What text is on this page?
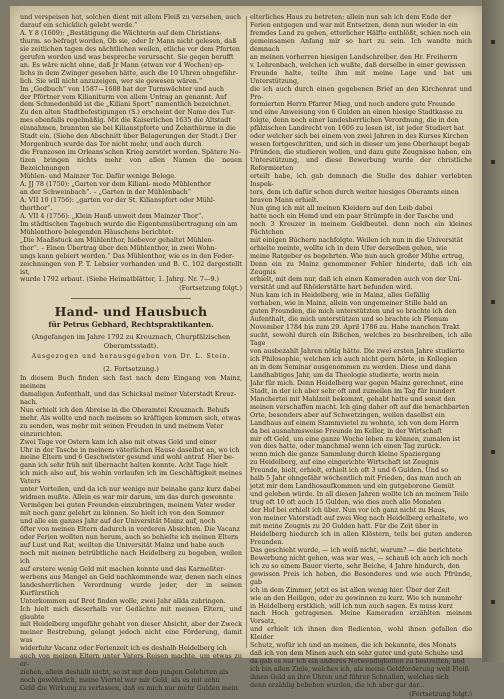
und verspeisen hat, solchen dient mit allem Fleiß zu versehen, auch

darauf ein schicklich gelebt werde.“

A. Y 8 (1609): „Bestätigung die Wächterin auf dem Christians-

thurm. so befragt worden, Ob sie, oder Ir Mann nicht gelesen, daß

sie zeitlichen tagen des nächtlichen weilen, etliche vor dem Pforten

gerufen worden und was bespreche verursacht. Sie gegen berufft

an. Es wäre nicht ohne, daß Jr Mann (etwan vor 4 Wochen) ep-

lichs in dem Zwinger gesehen hätte, auch die 10 Uhren ohngefähr-

lich. Sie will nicht anzuzeigen, wer sie gewesen wären.“

Im „Gedbuch“ von 1587—1688 hat der Turmwächter und auch

der Pförtner vom Kilianiturm von allem Untrag an genannt. Auf

dem Schmedenbild ist die „Kiliani Sport“ namentlich bezeichnet.

Zu den alten Stadtbefestigungen (S.) erscheint der Name des Tur-

mes ebenfalls regelmäßig. Mit die Kaiserlichen 1635 die Altstadt

einnahmen, brannten sie bei Kilianstpforte und Zehnthürme in die

Stadt ein. (Siehe den Abschnitt über Belagerungen der Stadt.) Der

Morgenbuch wurde das Tor nicht mehr, und auch durch

die Franzosen im Orleans'schen Krieg zerstört worden. Spätere No-

tizen bringen nichts mehr von allen Namen die neuen Bezeichnungen

Mühlen- und Mainzer Tor. Dafür wenige Belege.

A. JJ 78 (1750): „Garten vor dem Kiliani- modo Mühlenthor

an der Schweinbach“. – „Garten in der Mühlenbach“

A. VII 10 (1756): „garten vor der St. Kilianspfort oder Mühl-

thorthor“.

A. VII 4 (1756): „Klein Hauß unweit dem Mainzer Thor“.

Im städtischen Tagebuch wurde die Eigentumsübertragung ein am

Mühlenthore belegenden Häuschens berichtet:

„Die Maaßstuck am Mühlenthor, hiebevor gehaltet Mühlen-

thor“. – Einen Übertrag über den Mühlenthor, in zwei Wohn-

ungs kann gebiert worden.“ Das Mühlenthor, wie es in den Feder-

zeichnungen von P. T. Lebsier vorhanden und B. C. 102 dargestellt ist,

wurde 1792 erbaut. (Siehe Heimatblätter, 1. Jahrg. Nr. 7—9.)

(Fortsetzung folgt.)
Hand- und Hausbuch
für Petrus Gebhard, Rechtspraktikanten.
(Angefangen im Jahre 1792 zu Kreuznach, Churpfälzischen Oberamtsstadt).
Ausgezogen und herausgegeben von Dr. L. Stein.
(2. Fortsetzung.)

In diesem Buch finden sich fast nach dem Eingang von Mainz, meinem

damaligen Aufenthalt, und das Schicksal meiner Vaterstadt Kreuz-

nach.

Nun erhielt ich den Abreise in die Oberamtei Kreuznach. Behufs

mehr. Als wollte und nach meinem so kräftigen kommen sich, etwas

zu senden, was mehr mit seinen Freuden in und meinem Vater

einzurichten.

Zwei Tage vor Ostern kam ich also mit etwas Geld und einer

Uhr in der Tasche in meinem väterlichen Hause daselbst an, wo ich

meine Eltern und 6 Geschwister gesund und wohl antraf. Hier be-

gann ich sehr früh mit übernacht halten konnte. Acht Tage hielt

ich mich also auf, bis wohin vorlaufen ich im Geschäftigkeit meines Vaters

unter Vorteilen, und da ich nur wenige nur beinahe ganz kurz dabei

widmen mußte. Allein es war mir darum, um das durch gewonnte

Vermögen bei guten Freunden einzubringen, meinem Vater weder

mit noch ganz gelehrt zu können. So hielt ich von den Sommer

und alle ein ganzes Jahr auf der Universität Mainz auf, noch

öfter von meinen Eltern dadurch in vorderen Absichten. Die Vacanz

oder Ferien wollten nun herum, auch so behielte ich meinen Eltern

auf Lust und Rat, weilten die Universität Mainz und habe auch

noch mit meinen betrübtliche nach Heidelberg zu begeben, weilen ich

auf erstere wenig Geld mit machen konnte und das Karmeliter-

werbens aus Mangel an Geld nachkommende war, denen nach eines

landesherrlichen Verordnung wurde jeder, der in seinen Kurfürstlich

Unterkommen auf Brot finden wolle, zwei Jahr allda zubringen.

Ich hielt mich dieserhalb vor Gedächte mit meinen Eltern, und glaubte

mit Heidelberg ungefähr gehabt von dieser Absicht, aber der Zweck

meiner Bestrebung, gelangt jedoch nicht eine Förderung, damit was

widerfuhr Vacanz oder Ferienzeit ich es deshalb Heidelberg ich

auch von meinen Eltern unter Vaters Reisen machte, um etwas zu er-

ziehen, allein deshalb nicht, so ist mit dem jungen Gelehrten als

noch gewöhnlich, meine Viertel war mir Geld, als es mit zehn

Geld die Wirkung zu verlassen, daß es mich nur mehr Gulden mein

elterliches Haus zu betreten; allein nun sah ich dem Ende der

Ferien entgegen und war mit Entsetzen, denn nun wieder in ein

fremdes Land zu gehen, etterlicher Hälfte entblößt, schien noch ein

gemeinsamen Anfang mir so hart zu sein. Ich wandte mich demnach

an meinen vorherren hiesigen Landschreiber, den Hr. Freiherrn

v. Lehrenbach, welchen ich wußte, daß derselbe in einer gewissen

Freunde halte, teilte ihm mit meine Lage und bat um Unterstützung,

die ich auch durch einen gegebenen Brief an den Kirchenrat und Pro-

formierten Herrn Pfarrer Mieg, und noch andere gute Freunde

und eine Anweisung von 6 Gulden an einen hiesige Stadtkasse zu

folgte, denn noch einer landesherrlichen Verordnung, die in den

pfälzischen Landrecht von 1606 zu lesen ist, ist jeder Studiert hat

oder welcher sich bei einem von zwei Jahren in des Kurses Kirchen

wesen fortgeschritten, und sich in dieser um jene Oberhaupt begab

Pfründen, die studieren wollen, und dazu gute Zeugnisse haben, ein

Unterstützung, und diese Bewerbung wurde der christliche Reformierten

erteilt habe, ich gab demnach die Stelle des dahier verlebten Inspek-

tors, dem ich dafür schon durch weiter hiesiges Oberamts einen

braven Mann erhielt.

Nun ging ich mit all meinen Kleidern auf den Leib dabei

hatte noch ein Hemd und ein paar Strümpfe in der Tasche und

noch 3 Kreuzer in meinem Geldbeutel. denn noch ein kleines Pächtchen

mit einigen Büchern nachfolgte. Weilen ich nun in die Universität

erhielte meinte, wollte ich in dem Ufer derselben gehen, wie

meine Ratgeber es begehrten. Wie nun auch großer Mühe ertrug,

Denn ein zu Mainz genommener Fehler hinderte, daß ich ein Zeugnis

erhielt, mit dem nur, daß ich einen Kameraden auch von der Uni-

versität und auf Rhöderstätte hart befunden wird.

Nun kam ich in Heidelberg, wie in Mainz, alles Gefällig

vorhaben, wie in Mainz, allein von ungemeiner Stille bald an

guten Freunden, die mich unterstützten und so brachte ich den

Aufenthalt, die mich unterstützen und so brachte ich Plenum

November 1784 bis zum 29. April 1786 zu. Habe manchen Trakt

sucht, sowohl durch ein Bißchen, welches zu beschreiben, ich alle Tage

von ausbezahlt Jahren nötig hätte. Die zwei ersten Jahre studierte

ich Philosophie, welchen ich auch nicht gern hörte, in Kollegien

an in dem Seminar ausgenommen zu werden. Diese und dann

Landhabtiges Jahr, um da Theologie studierte, worin mein

Jahr für mich. Denn Heidelberg war gegen Mainz gerechnet, eine

Stadt, in der ich aber sehr oft und zumeilen im Tag für hundert

Manchertei mit Mahlzeit bekommt, gehabt hatte und sonst den

meinen verschaffen macht. Ich ging daher oft auf die benachbarten

Orte, besonders aber auf Schwetzingen, weilen daselbst ein

Landhaus auf einem Stammvietel zu wohnte, ich von dem Herrn

da bei ausnahmsweise Freunde im Keller, in der Wirtschaft

mir oft Geld, um eine ganze Woche leben zu können, zumalen ist

von dies hatte, oder manchmal wenn ich einen Tag zurück.

wenn mich die ganze Sammlung durch kleine Spaziergang

zu Heidelberg, auf eine eingerichte Wirtschaft ist Zeugnis

Freunde, hielt, erhielt, erhielt ich oft 3 und 6 Gulden. Und so

halb 5 Jahr ohngefähr wöchentlich mit Frieden, das man auch an

jetzt mir dem Landhosaufkommen und ein gutgeborene Gemüt

und geleben würde. In all diesen Jahren wollte ich an meinem Teile

trug oft 10 oft auch 15 Gulden, wie dies auch alle Monaten

der Hof bei erhielt ich über. Nun vor ich ganz nicht zu Haus,

von meiner Vaterstadt auf zwei Weg nach Heidelberg erhaltete, wo

mit meine Zeugnis zu 20 Gulden hatt. Für die Zeit über in

Heidelberg hiedurch ich in allen Klöstern, teils bei guten anderen Freunden.

Das geschieht wurde, — ich weiß nicht, warum? — die berichtete

Bewerbung nicht gehen, was war was, — schauß ich auch ich noch

ich zu so einem Bauer vierte, sehr Beiche, 4 Jahre hindurch, den

gewissen Preis ich heben, die Besonderes und wie auch Pfründe, gab

ich in dem Zimmer, jetzt es ist allen wenig hier. Über der Zeit

wie an den Heiligen, oder zu gewinnen zu kurz. Wie ich nunmehr

in Heidelberg erstklich, will ich nun auch sagen. Es muss kurz

nach Hoch getragenen. Meine Kameraden erzählten meinem Vorsatz,

und erhielt ich ihnen den Bedienten, wohl ihnen gefallen die Kleider

Schutz, wofür ich und an meinen, die ich bekannte, des Monats

daß ich von dem Minen auch ein sehr guter und gute Schuhe und

da gab es nur ich ein anderes Notwendigkeiten zu bestreiten, und

ich bin allen Ziele, welches ich, als meine Geldforderung weit Fleiß

ihnen Geld an ihre Uhren und führer Schnallen, welches sich

denn erzählig beliehen wurden, die ich aber gar dar...

(Fortsetzung folgt.)
